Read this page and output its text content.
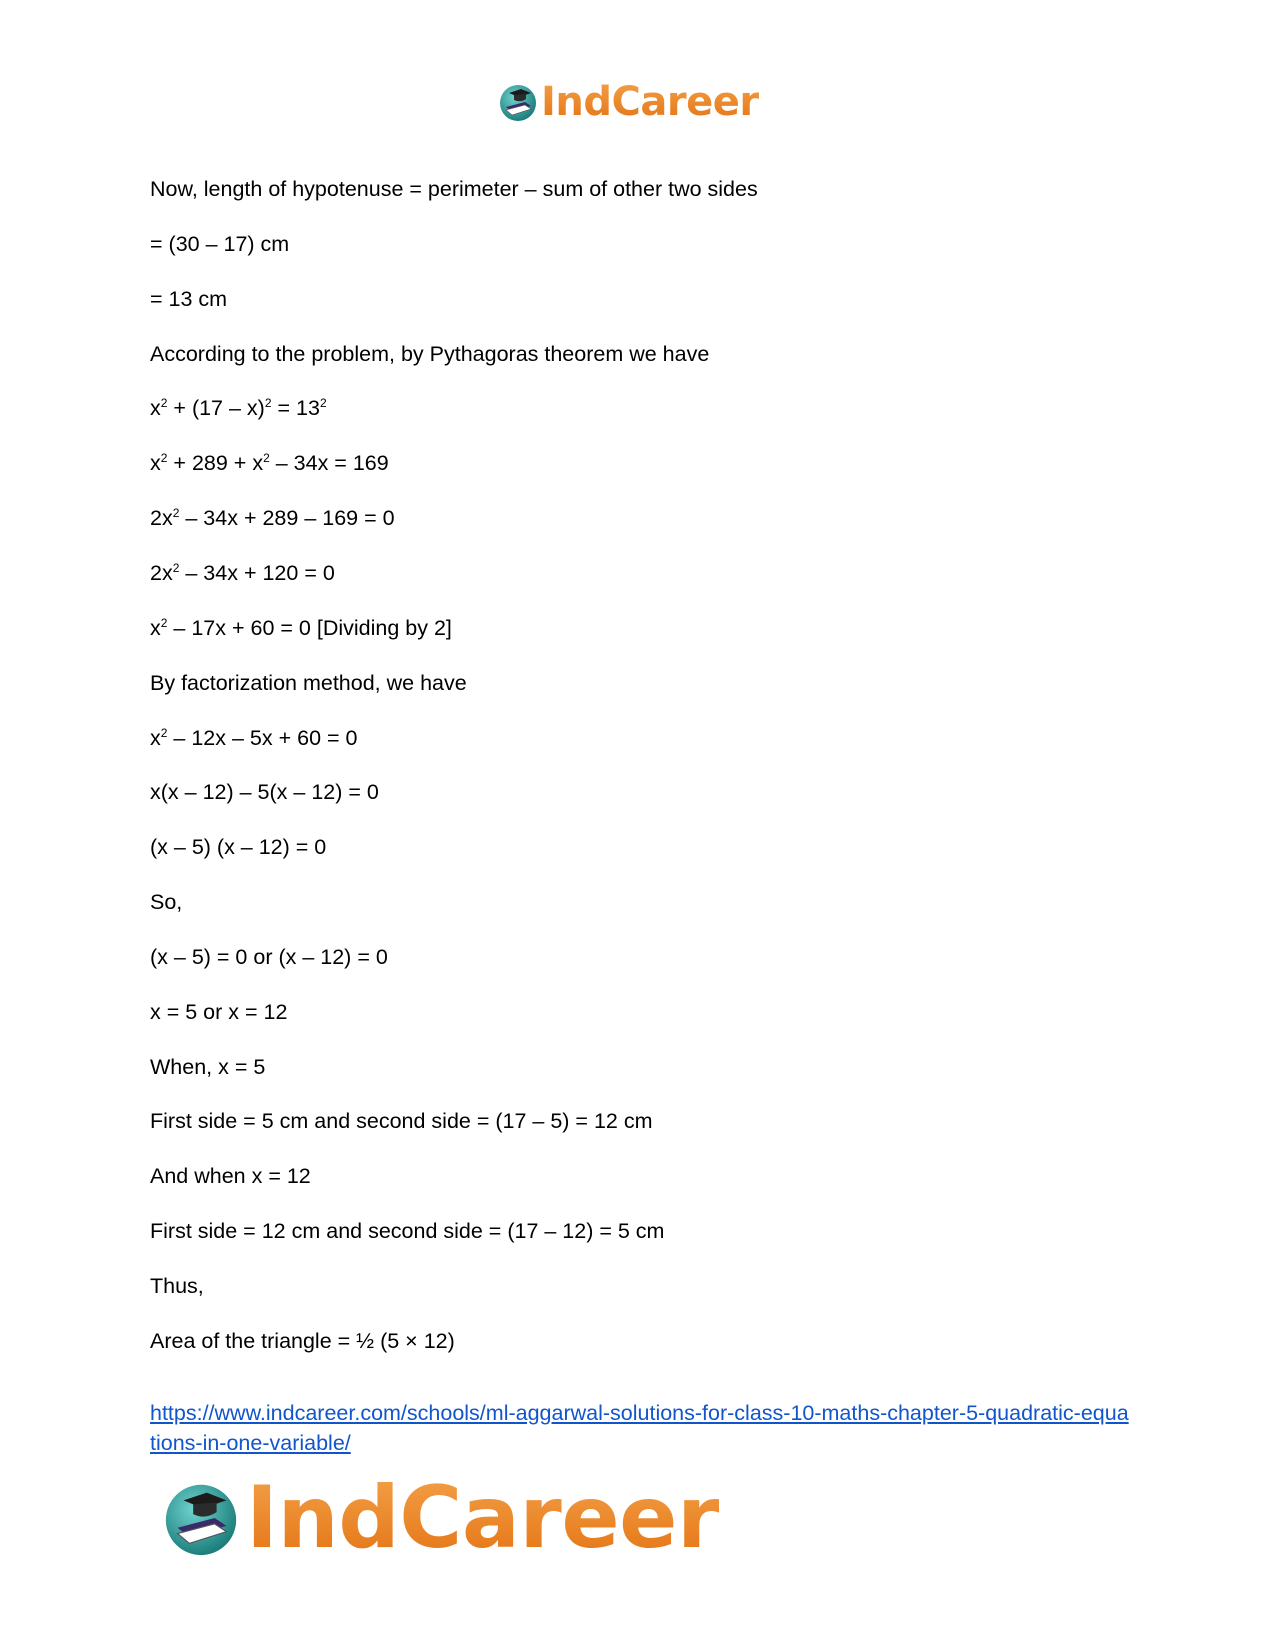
IndCareer
Now, length of hypotenuse = perimeter – sum of other two sides
= (30 – 17) cm
= 13 cm
According to the problem, by Pythagoras theorem we have
$x^2 + (17 - x)^2 = 13^2$
$x^2 + 289 + x^2 - 34x = 169$
$2x^2 - 34x + 289 - 169 = 0$
$2x^2 - 34x + 120 = 0$
$x^2 - 17x + 60 = 0$ [Dividing by 2]
By factorization method, we have
$x^2 - 12x - 5x + 60 = 0$
x(x – 12) – 5(x – 12) = 0
(x – 5) (x – 12) = 0
So,
(x – 5) = 0 or (x – 12) = 0
x = 5 or x = 12
When, x = 5
First side = 5 cm and second side = (17 – 5) = 12 cm
And when x = 12
First side = 12 cm and second side = (17 – 12) = 5 cm
Thus,
Area of the triangle = ½ (5 × 12)
https://www.indcareer.com/schools/ml-aggarwal-solutions-for-class-10-maths-chapter-5-quadratic-equations-in-one-variable/
IndCareer
